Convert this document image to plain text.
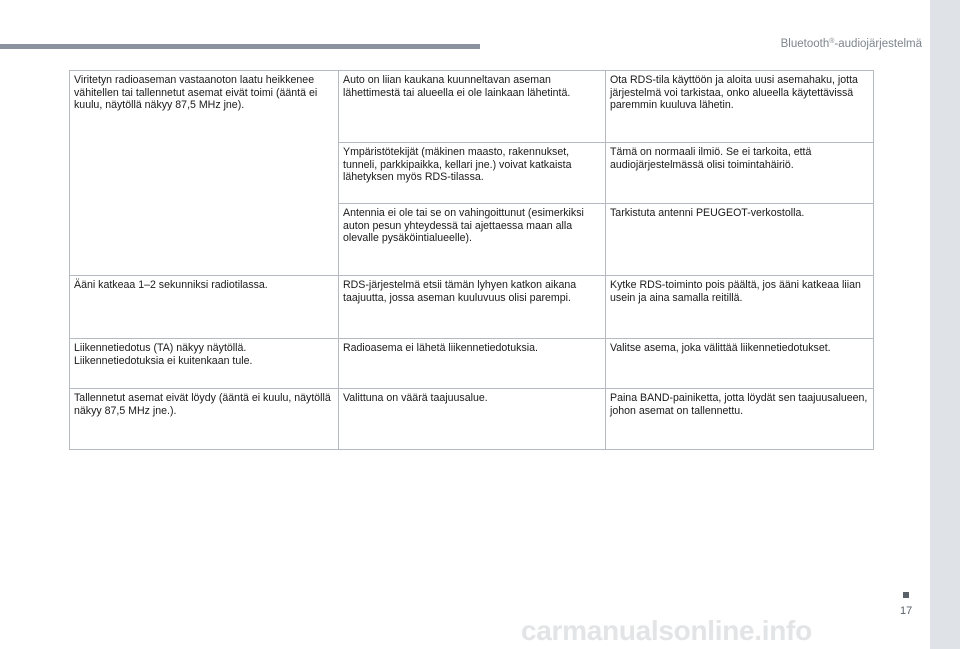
Bluetooth®-audiojärjestelmä
Viritetyn radioaseman vastaanoton laatu heikkenee vähitellen tai tallennetut asemat eivät toimi (ääntä ei kuulu, näytöllä näkyy 87,5 MHz jne).	Auto on liian kaukana kuunneltavan aseman lähettimestä tai alueella ei ole lainkaan lähetintä.	Ota RDS-tila käyttöön ja aloita uusi asemahaku, jotta järjestelmä voi tarkistaa, onko alueella käytettävissä paremmin kuuluva lähetin.
	Ympäristötekijät (mäkinen maasto, rakennukset, tunneli, parkkipaikka, kellari jne.) voivat katkaista lähetyksen myös RDS-tilassa.	Tämä on normaali ilmiö. Se ei tarkoita, että audiojärjestelmässä olisi toimintahäiriö.
	Antennia ei ole tai se on vahingoittunut (esimerkiksi auton pesun yhteydessä tai ajettaessa maan alla olevalle pysäköintialueelle).	Tarkistuta antenni PEUGEOT-verkostolla.
Ääni katkeaa 1–2 sekunniksi radiotilassa.	RDS-järjestelmä etsii tämän lyhyen katkon aikana taajuutta, jossa aseman kuuluvuus olisi parempi.	Kytke RDS-toiminto pois päältä, jos ääni katkeaa liian usein ja aina samalla reitillä.
Liikennetiedotus (TA) näkyy näytöllä. Liikennetiedotuksia ei kuitenkaan tule.	Radioasema ei lähetä liikennetiedotuksia.	Valitse asema, joka välittää liikennetiedotukset.
Tallennetut asemat eivät löydy (ääntä ei kuulu, näytöllä näkyy 87,5 MHz jne.).	Valittuna on väärä taajuusalue.	Paina BAND-painiketta, jotta löydät sen taajuusalueen, johon asemat on tallennettu.
17
carmanualsonline.info
